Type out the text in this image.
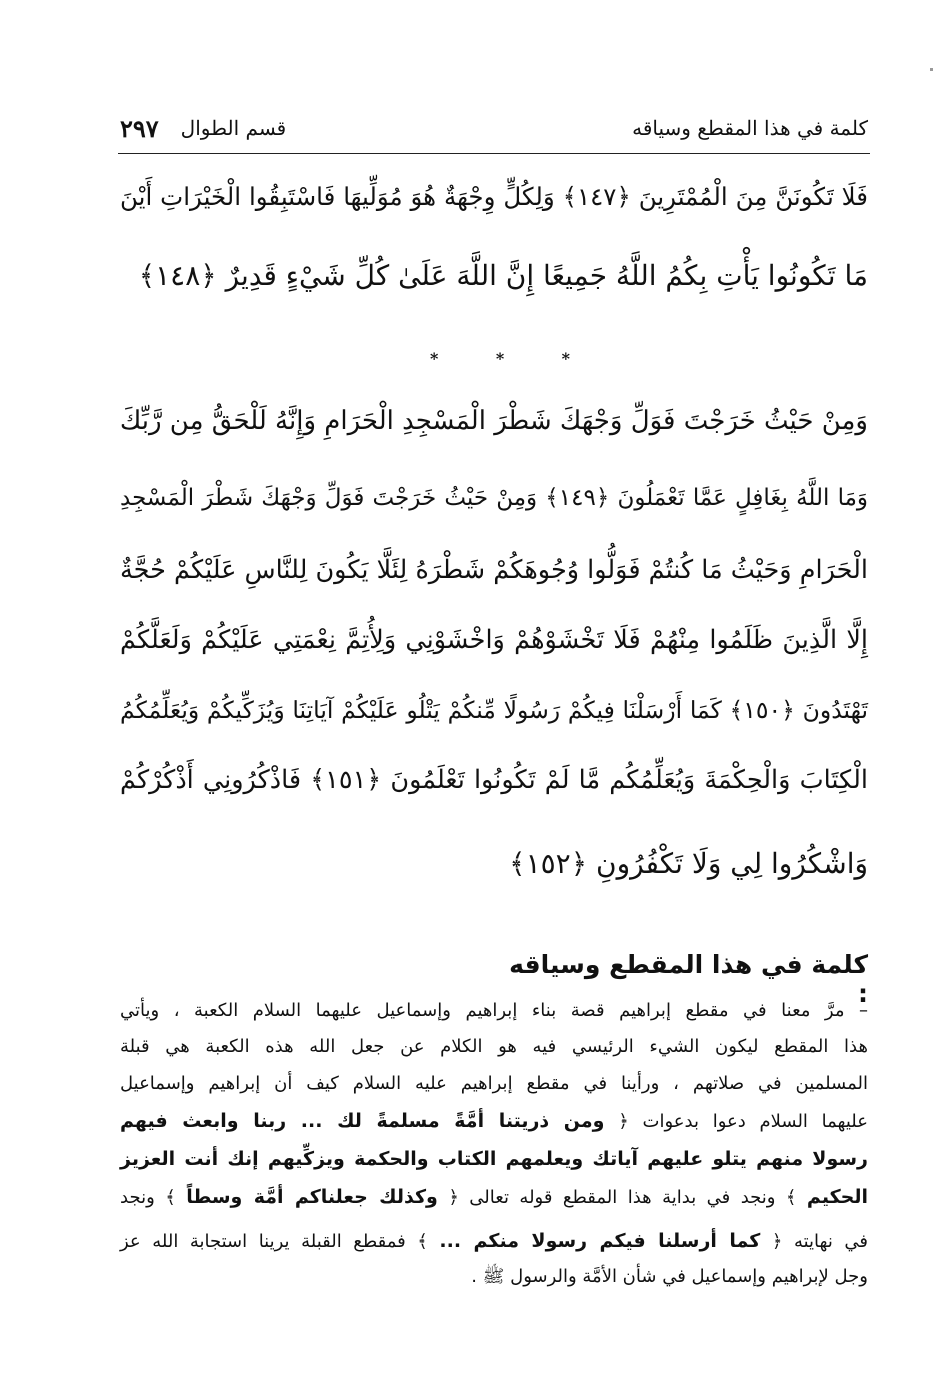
كلمة في هذا المقطع وسياقه
قسم الطوال
٢٩٧
فَلَا تَكُونَنَّ مِنَ الْمُمْتَرِينَ ﴿١٤٧﴾ وَلِكُلٍّ وِجْهَةٌ هُوَ مُوَلِّيهَا فَاسْتَبِقُوا الْخَيْرَاتِ أَيْنَ
مَا تَكُونُوا يَأْتِ بِكُمُ اللَّهُ جَمِيعًا إِنَّ اللَّهَ عَلَىٰ كُلِّ شَيْءٍ قَدِيرٌ ﴿١٤٨﴾
*	*	*
وَمِنْ حَيْثُ خَرَجْتَ فَوَلِّ وَجْهَكَ شَطْرَ الْمَسْجِدِ الْحَرَامِ وَإِنَّهُ لَلْحَقُّ مِن رَّبِّكَ
وَمَا اللَّهُ بِغَافِلٍ عَمَّا تَعْمَلُونَ ﴿١٤٩﴾ وَمِنْ حَيْثُ خَرَجْتَ فَوَلِّ وَجْهَكَ شَطْرَ الْمَسْجِدِ
الْحَرَامِ وَحَيْثُ مَا كُنتُمْ فَوَلُّوا وُجُوهَكُمْ شَطْرَهُ لِئَلَّا يَكُونَ لِلنَّاسِ عَلَيْكُمْ حُجَّةٌ
إِلَّا الَّذِينَ ظَلَمُوا مِنْهُمْ فَلَا تَخْشَوْهُمْ وَاخْشَوْنِي وَلِأُتِمَّ نِعْمَتِي عَلَيْكُمْ وَلَعَلَّكُمْ
تَهْتَدُونَ ﴿١٥٠﴾ كَمَا أَرْسَلْنَا فِيكُمْ رَسُولًا مِّنكُمْ يَتْلُو عَلَيْكُمْ آيَاتِنَا وَيُزَكِّيكُمْ وَيُعَلِّمُكُمُ
الْكِتَابَ وَالْحِكْمَةَ وَيُعَلِّمُكُم مَّا لَمْ تَكُونُوا تَعْلَمُونَ ﴿١٥١﴾ فَاذْكُرُونِي أَذْكُرْكُمْ
وَاشْكُرُوا لِي وَلَا تَكْفُرُونِ ﴿١٥٢﴾
كلمة في هذا المقطع وسياقه :
– مرَّ معنا في مقطع إبراهيم قصة بناء إبراهيم وإسماعيل عليهما السلام الكعبة ، ويأتي
هذا المقطع ليكون الشيء الرئيسي فيه هو الكلام عن جعل الله هذه الكعبة هي قبلة
المسلمين في صلاتهم ، ورأينا في مقطع إبراهيم عليه السلام كيف أن إبراهيم وإسماعيل
عليهما السلام دعوا بدعوات ﴿ ومن ذريتنا أمَّةً مسلمةً لك ... ربنا وابعث فيهم
رسولا منهم يتلو عليهم آياتك ويعلمهم الكتاب والحكمة ويزكِّيهم إنك أنت العزيز
الحكيم ﴾ ونجد في بداية هذا المقطع قوله تعالى ﴿ وكذلك جعلناكم أمَّة وسطاً ﴾ ونجد
في نهايته ﴿ كما أرسلنا فيكم رسولا منكم ... ﴾ فمقطع القبلة يرينا استجابة الله عز
وجل لإبراهيم وإسماعيل في شأن الأمَّة والرسول ﷺ .
